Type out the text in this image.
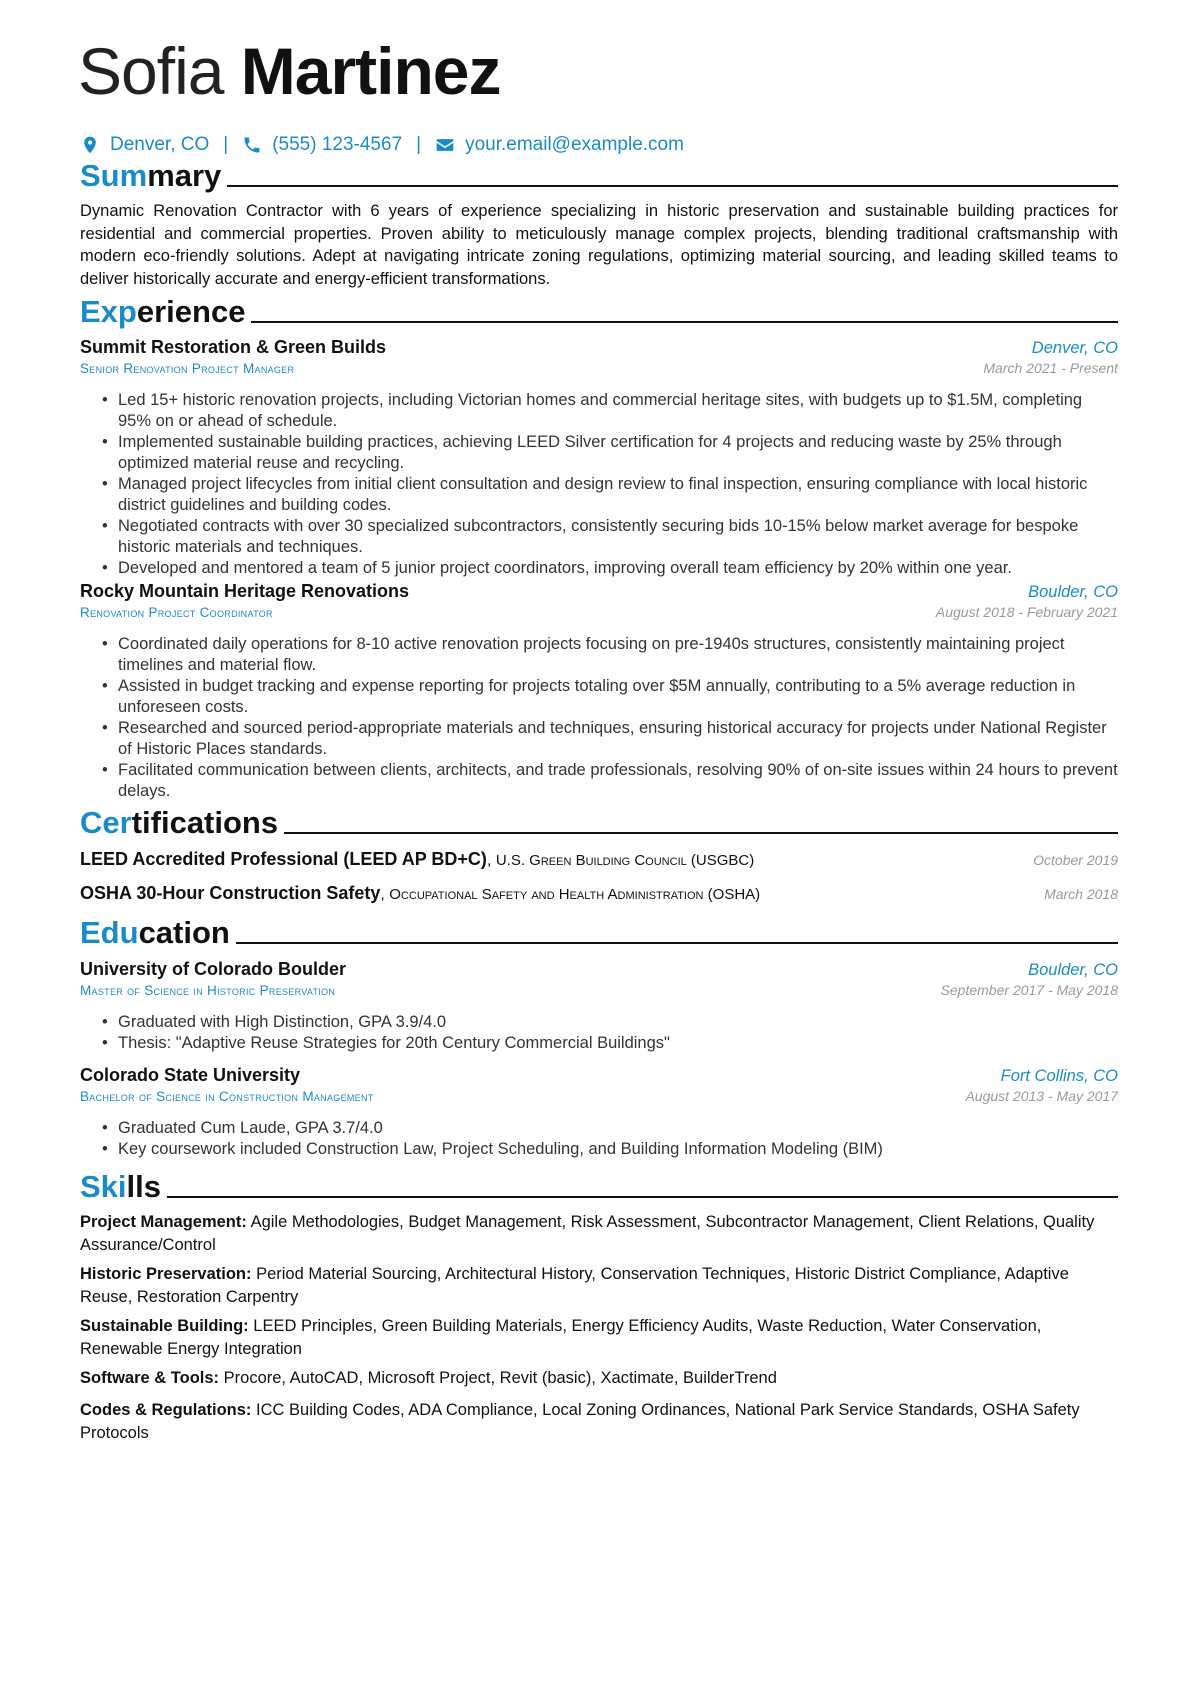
Sofia Martinez
Denver, CO | (555) 123-4567 | your.email@example.com
Summary
Dynamic Renovation Contractor with 6 years of experience specializing in historic preservation and sustainable building practices for residential and commercial properties. Proven ability to meticulously manage complex projects, blending traditional craftsmanship with modern eco-friendly solutions. Adept at navigating intricate zoning regulations, optimizing material sourcing, and leading skilled teams to deliver historically accurate and energy-efficient transformations.
Experience
Summit Restoration & Green Builds	Denver, CO
Senior Renovation Project Manager	March 2021 - Present
• Led 15+ historic renovation projects, including Victorian homes and commercial heritage sites, with budgets up to $1.5M, completing 95% on or ahead of schedule.
• Implemented sustainable building practices, achieving LEED Silver certification for 4 projects and reducing waste by 25% through optimized material reuse and recycling.
• Managed project lifecycles from initial client consultation and design review to final inspection, ensuring compliance with local historic district guidelines and building codes.
• Negotiated contracts with over 30 specialized subcontractors, consistently securing bids 10-15% below market average for bespoke historic materials and techniques.
• Developed and mentored a team of 5 junior project coordinators, improving overall team efficiency by 20% within one year.
Rocky Mountain Heritage Renovations	Boulder, CO
Renovation Project Coordinator	August 2018 - February 2021
• Coordinated daily operations for 8-10 active renovation projects focusing on pre-1940s structures, consistently maintaining project timelines and material flow.
• Assisted in budget tracking and expense reporting for projects totaling over $5M annually, contributing to a 5% average reduction in unforeseen costs.
• Researched and sourced period-appropriate materials and techniques, ensuring historical accuracy for projects under National Register of Historic Places standards.
• Facilitated communication between clients, architects, and trade professionals, resolving 90% of on-site issues within 24 hours to prevent delays.
Certifications
LEED Accredited Professional (LEED AP BD+C), U.S. Green Building Council (USGBC)	October 2019
OSHA 30-Hour Construction Safety, Occupational Safety and Health Administration (OSHA)	March 2018
Education
University of Colorado Boulder	Boulder, CO
Master of Science in Historic Preservation	September 2017 - May 2018
• Graduated with High Distinction, GPA 3.9/4.0
• Thesis: "Adaptive Reuse Strategies for 20th Century Commercial Buildings"
Colorado State University	Fort Collins, CO
Bachelor of Science in Construction Management	August 2013 - May 2017
• Graduated Cum Laude, GPA 3.7/4.0
• Key coursework included Construction Law, Project Scheduling, and Building Information Modeling (BIM)
Skills
Project Management: Agile Methodologies, Budget Management, Risk Assessment, Subcontractor Management, Client Relations, Quality Assurance/Control
Historic Preservation: Period Material Sourcing, Architectural History, Conservation Techniques, Historic District Compliance, Adaptive Reuse, Restoration Carpentry
Sustainable Building: LEED Principles, Green Building Materials, Energy Efficiency Audits, Waste Reduction, Water Conservation, Renewable Energy Integration
Software & Tools: Procore, AutoCAD, Microsoft Project, Revit (basic), Xactimate, BuilderTrend
Codes & Regulations: ICC Building Codes, ADA Compliance, Local Zoning Ordinances, National Park Service Standards, OSHA Safety Protocols
